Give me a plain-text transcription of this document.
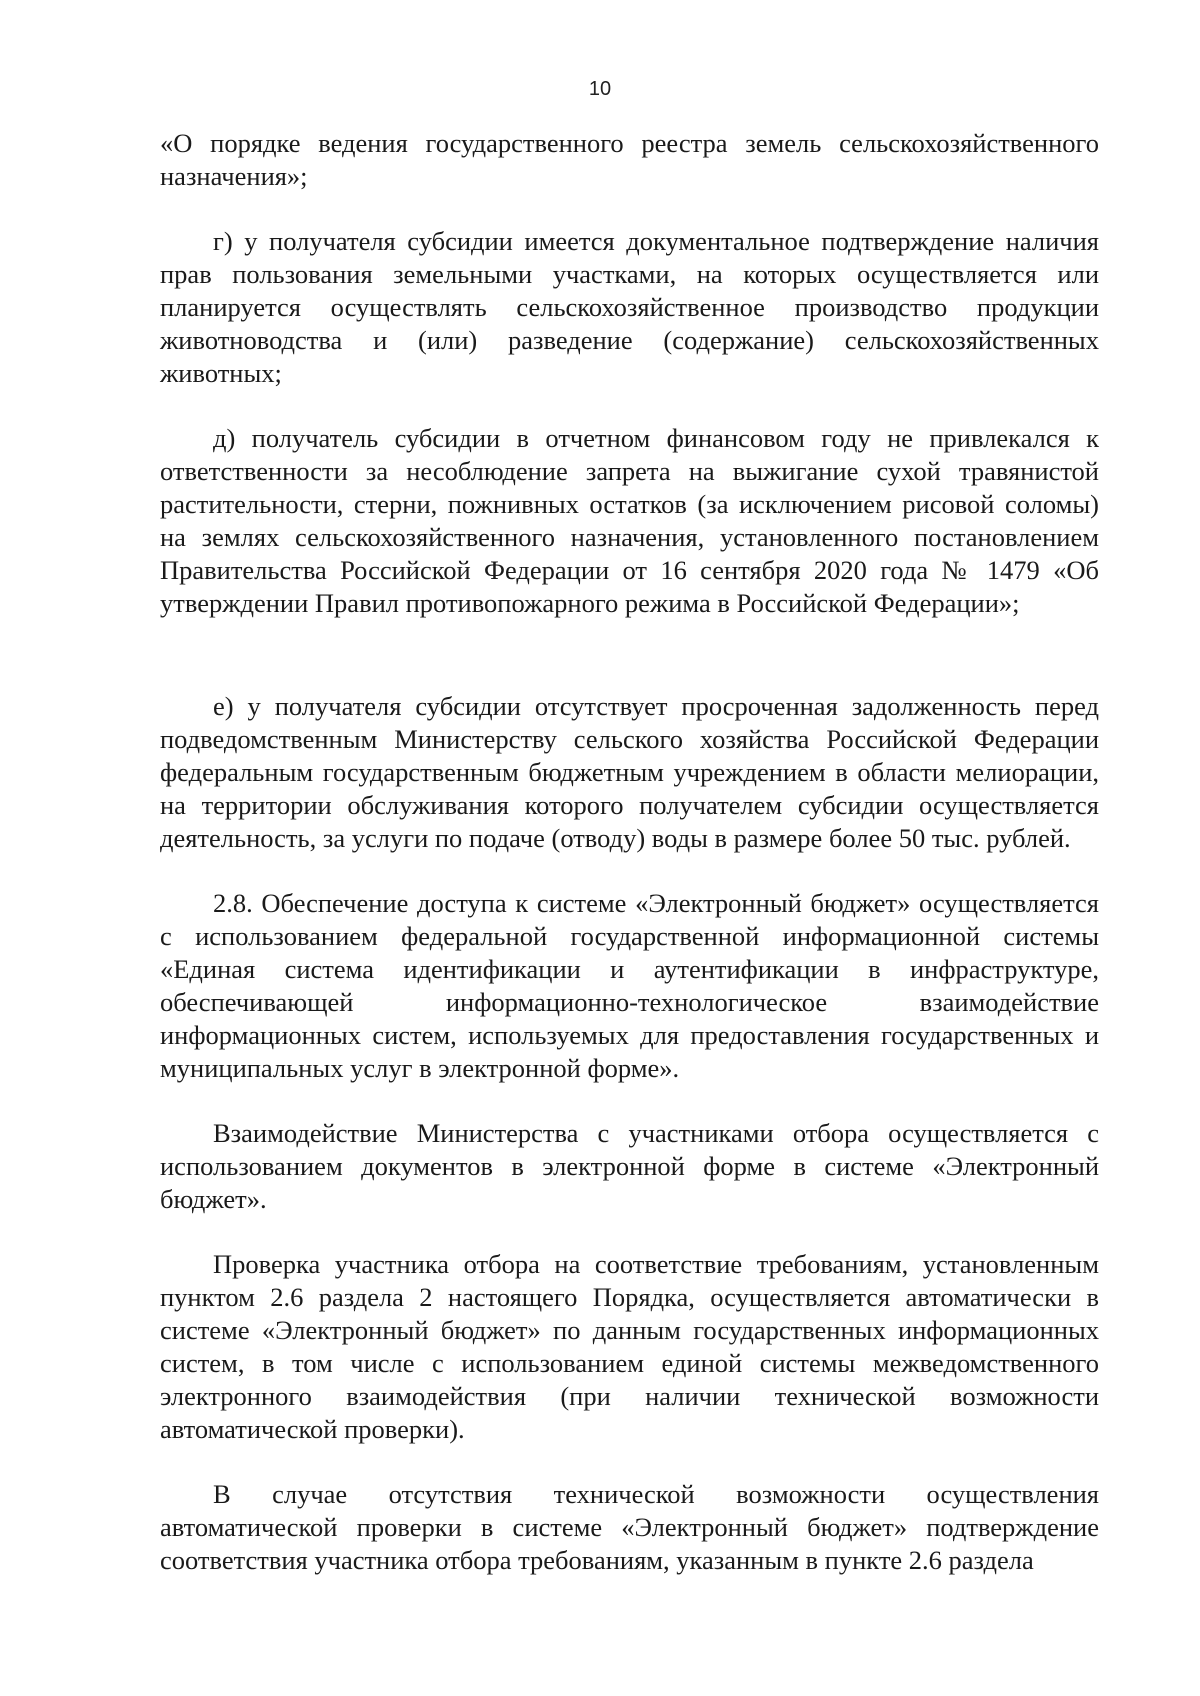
10

«О порядке ведения государственного реестра земель сельскохозяйственного назначения»;

г) у получателя субсидии имеется документальное подтверждение наличия прав пользования земельными участками, на которых осуществляется или планируется осуществлять сельскохозяйственное производство продукции животноводства и (или) разведение (содержание) сельскохозяйственных животных;

д) получатель субсидии в отчетном финансовом году не привлекался к ответственности за несоблюдение запрета на выжигание сухой травянистой растительности, стерни, пожнивных остатков (за исключением рисовой соломы) на землях сельскохозяйственного назначения, установленного постановлением Правительства Российской Федерации от 16 сентября 2020 года № 1479 «Об утверждении Правил противопожарного режима в Российской Федерации»;

е) у получателя субсидии отсутствует просроченная задолженность перед подведомственным Министерству сельского хозяйства Российской Федерации федеральным государственным бюджетным учреждением в области мелиорации, на территории обслуживания которого получателем субсидии осуществляется деятельность, за услуги по подаче (отводу) воды в размере более 50 тыс. рублей.

2.8. Обеспечение доступа к системе «Электронный бюджет» осуществляется с использованием федеральной государственной информационной системы «Единая система идентификации и аутентификации в инфраструктуре, обеспечивающей информационно-технологическое взаимодействие информационных систем, используемых для предоставления государственных и муниципальных услуг в электронной форме».

Взаимодействие Министерства с участниками отбора осуществляется с использованием документов в электронной форме в системе «Электронный бюджет».

Проверка участника отбора на соответствие требованиям, установленным пунктом 2.6 раздела 2 настоящего Порядка, осуществляется автоматически в системе «Электронный бюджет» по данным государственных информационных систем, в том числе с использованием единой системы межведомственного электронного взаимодействия (при наличии технической возможности автоматической проверки).

В случае отсутствия технической возможности осуществления автоматической проверки в системе «Электронный бюджет» подтверждение соответствия участника отбора требованиям, указанным в пункте 2.6 раздела
